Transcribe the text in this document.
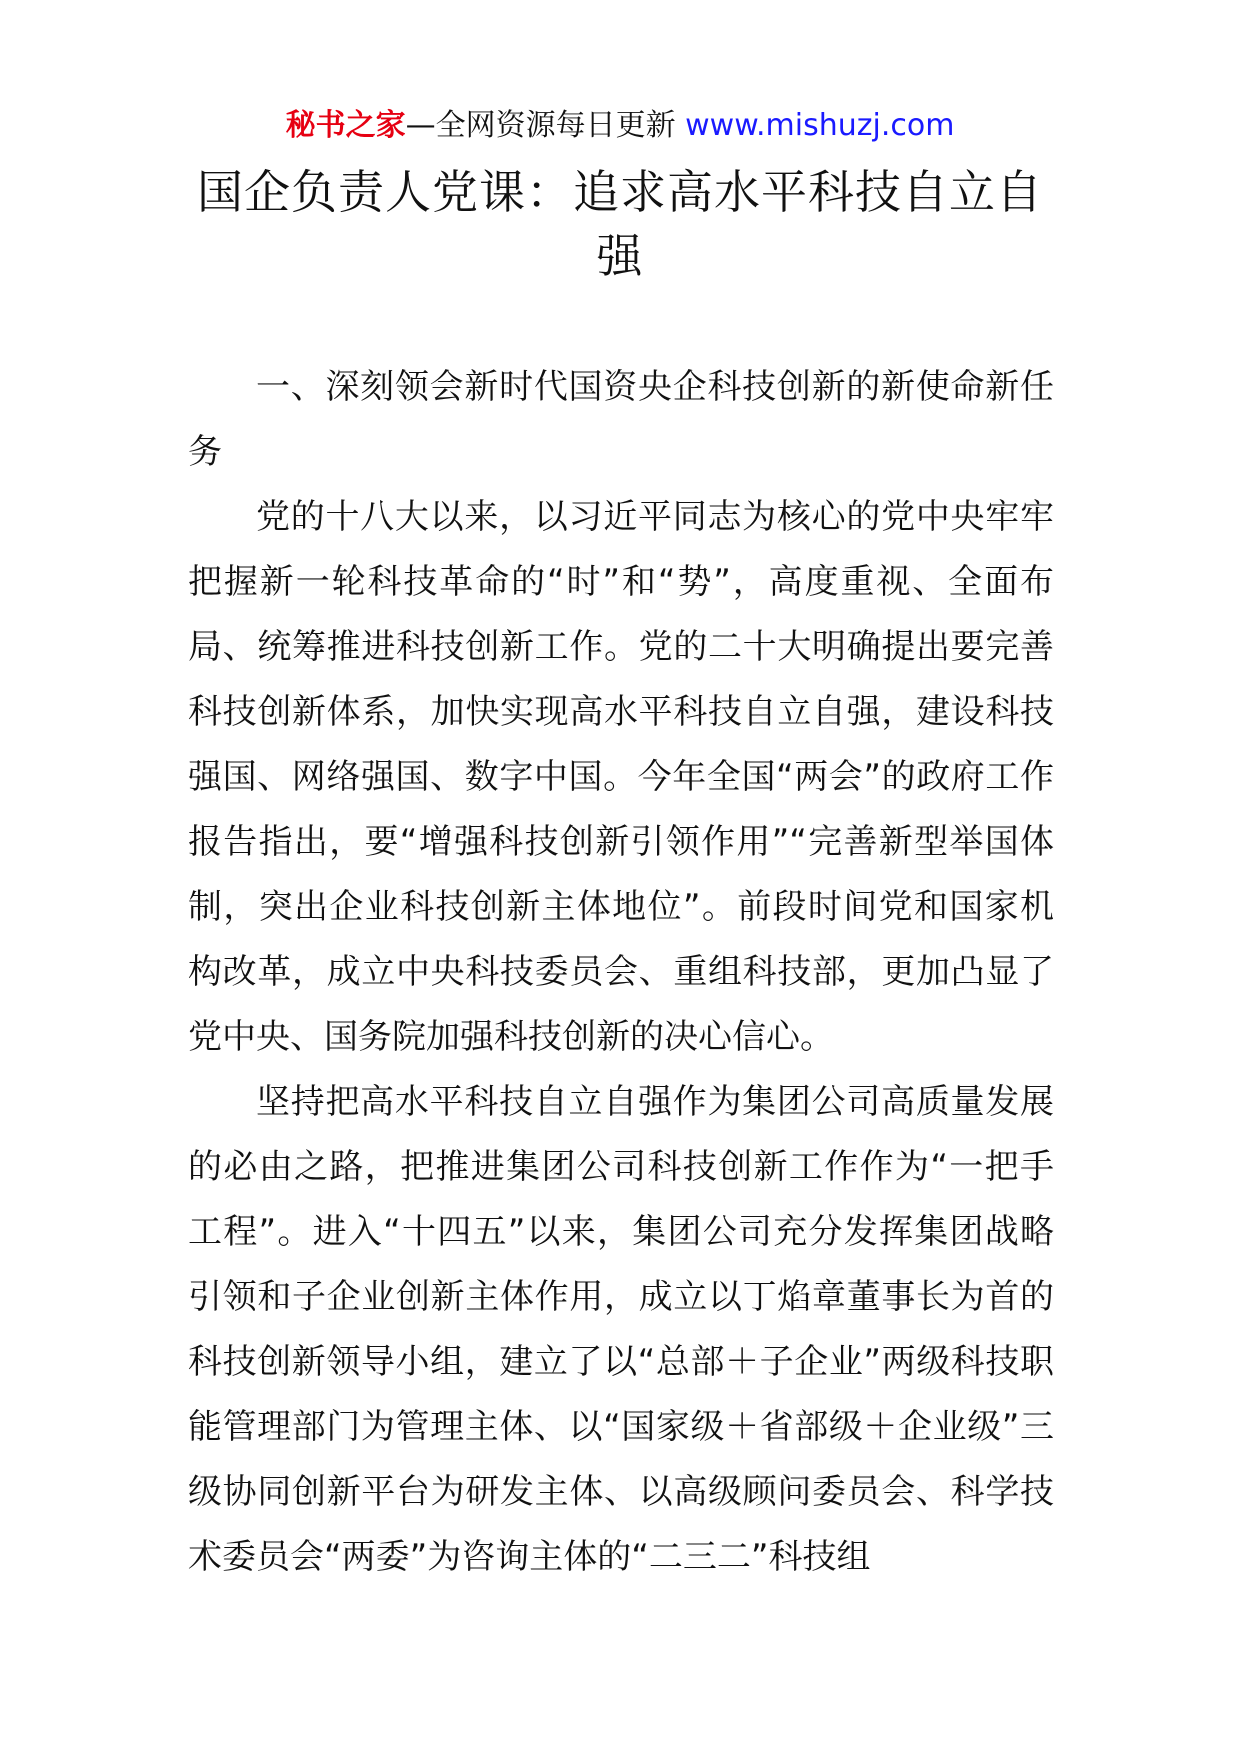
秘书之家—全网资源每日更新 www.mishuzj.com
国企负责人党课：追求高水平科技自立自强

一、深刻领会新时代国资央企科技创新的新使命新任务

党的十八大以来，以习近平同志为核心的党中央牢牢把握新一轮科技革命的“时”和“势”，高度重视、全面布局、统筹推进科技创新工作。党的二十大明确提出要完善科技创新体系，加快实现高水平科技自立自强，建设科技强国、网络强国、数字中国。今年全国“两会”的政府工作报告指出，要“增强科技创新引领作用”“完善新型举国体制，突出企业科技创新主体地位”。前段时间党和国家机构改革，成立中央科技委员会、重组科技部，更加凸显了党中央、国务院加强科技创新的决心信心。

坚持把高水平科技自立自强作为集团公司高质量发展的必由之路，把推进集团公司科技创新工作作为“一把手工程”。进入“十四五”以来，集团公司充分发挥集团战略引领和子企业创新主体作用，成立以丁焰章董事长为首的科技创新领导小组，建立了以“总部＋子企业”两级科技职能管理部门为管理主体、以“国家级＋省部级＋企业级”三级协同创新平台为研发主体、以高级顾问委员会、科学技术委员会“两委”为咨询主体的“二三二”科技组
